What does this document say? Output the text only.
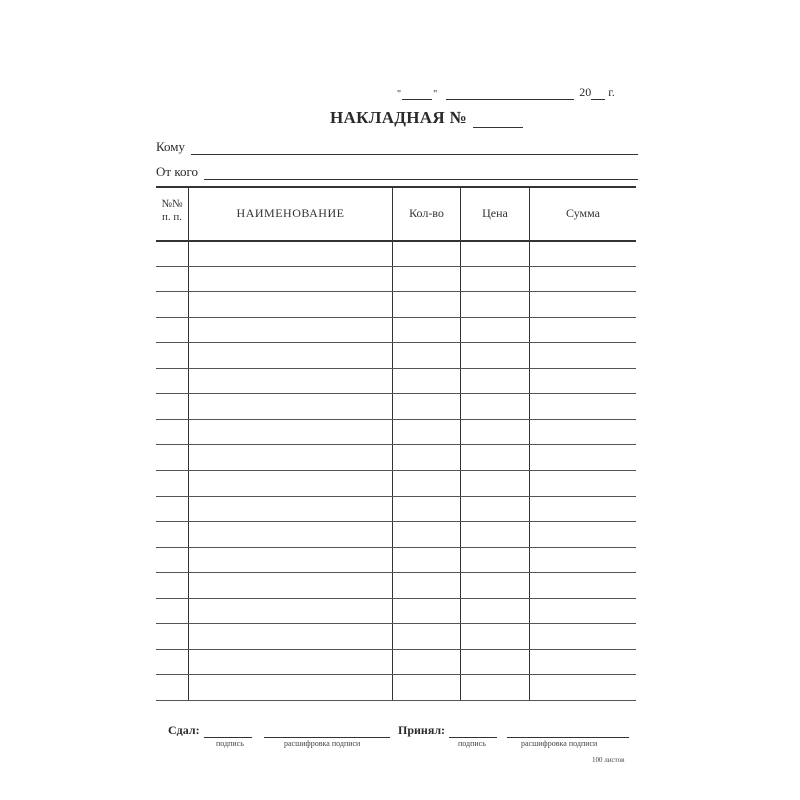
"	"	20 г.
НАКЛАДНАЯ №
Кому
От кого
№№
п. п.	НАИМЕНОВАНИЕ	Кол-во	Цена	Сумма
Сдал:	Принял:
подпись	расшифровка подписи	подпись	расшифровка подписи
100 листов
